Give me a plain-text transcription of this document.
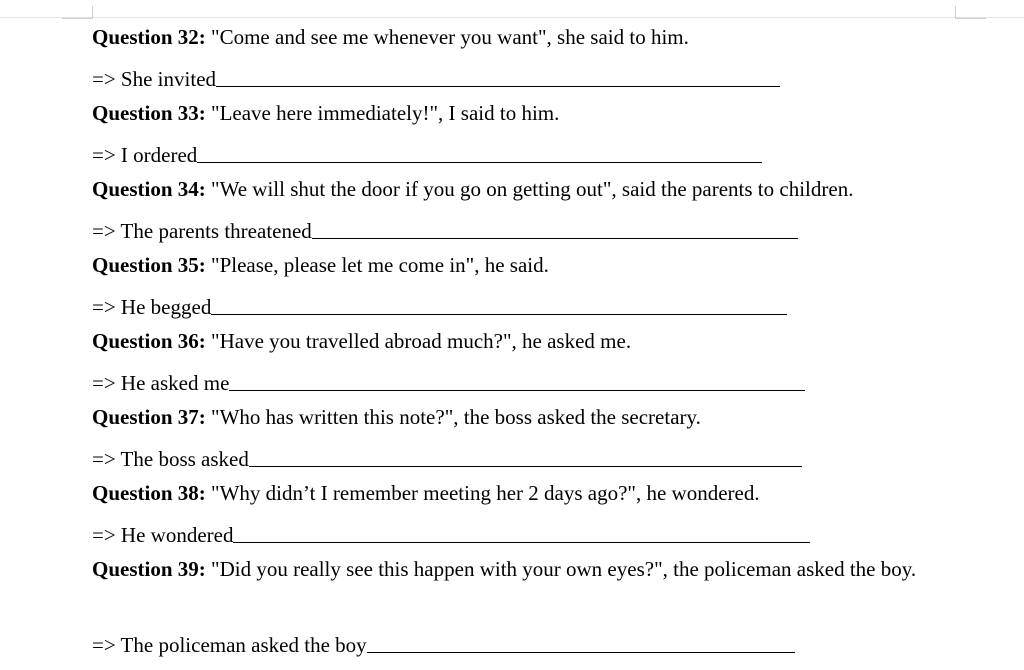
Question 32: "Come and see me whenever you want", she said to him.
=> She invited
Question 33: "Leave here immediately!", I said to him.
=> I ordered
Question 34: "We will shut the door if you go on getting out", said the parents to children.
=> The parents threatened
Question 35: "Please, please let me come in", he said.
=> He begged
Question 36: "Have you travelled abroad much?", he asked me.
=> He asked me
Question 37: "Who has written this note?", the boss asked the secretary.
=> The boss asked
Question 38: "Why didn’t I remember meeting her 2 days ago?", he wondered.
=> He wondered
Question 39: "Did you really see this happen with your own eyes?", the policeman asked the boy.
=> The policeman asked the boy
